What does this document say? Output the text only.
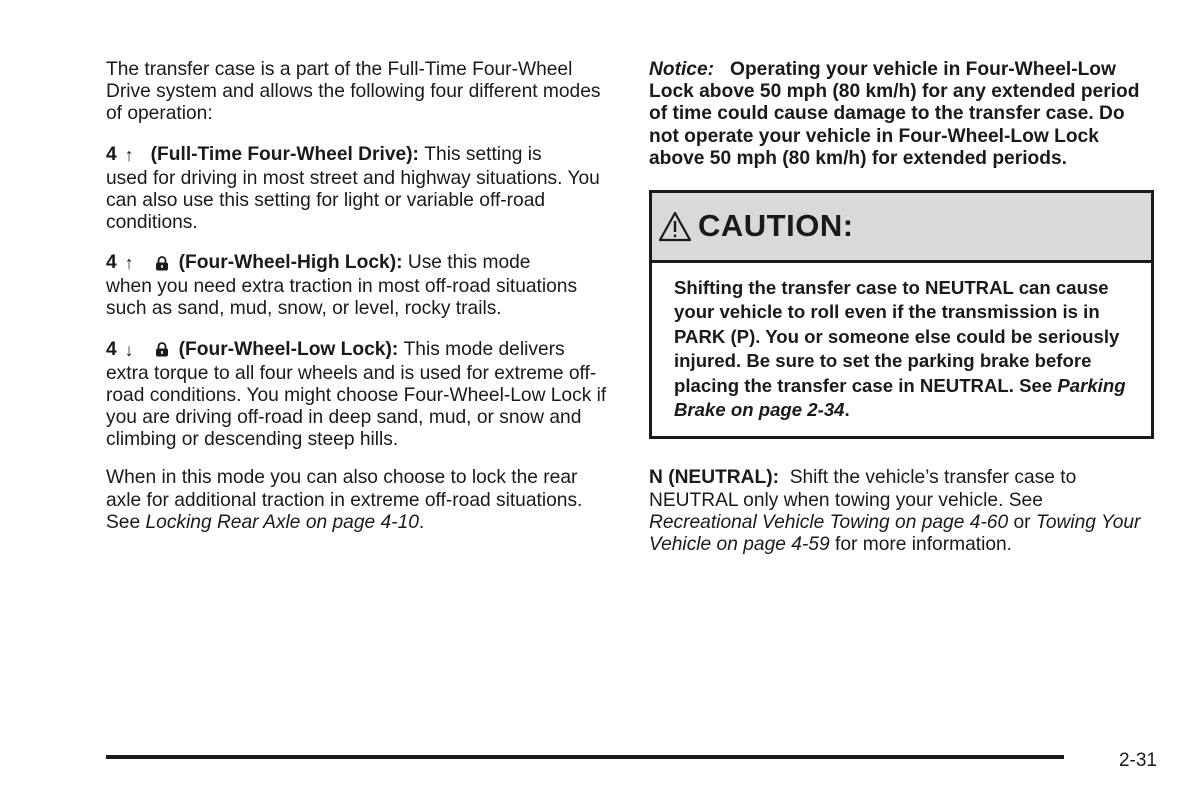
The transfer case is a part of the Full-Time Four-Wheel Drive system and allows the following four different modes of operation:

4 ↑ (Full-Time Four-Wheel Drive):
This setting is

used for driving in most street and highway situations. You can also use this setting for light or variable off-road conditions.

4 ↑	(Four-Wheel-High Lock):
Use this mode

when you need extra traction in most off-road situations such as sand, mud, snow, or level, rocky trails.

4 ↓	(Four-Wheel-Low Lock):
This mode delivers

extra torque to all four wheels and is used for extreme off-road conditions. You might choose Four-Wheel-Low Lock if you are driving off-road in deep sand, mud, or snow and climbing or descending steep hills.

When in this mode you can also choose to lock the rear axle for additional traction in extreme off-road situations. See Locking Rear Axle on page 4-10.

Notice: Operating your vehicle in Four-Wheel-Low Lock above 50 mph (80 km/h) for any extended period of time could cause damage to the transfer case. Do not operate your vehicle in Four-Wheel-Low Lock above 50 mph (80 km/h) for extended periods.

CAUTION:
Shifting the transfer case to NEUTRAL can cause your vehicle to roll even if the transmission is in PARK (P). You or someone else could be seriously injured. Be sure to set the parking brake before placing the transfer case in NEUTRAL. See Parking Brake on page 2-34.

N (NEUTRAL): Shift the vehicle’s transfer case to NEUTRAL only when towing your vehicle. See Recreational Vehicle Towing on page 4-60 or Towing Your Vehicle on page 4-59 for more information.

2-31
